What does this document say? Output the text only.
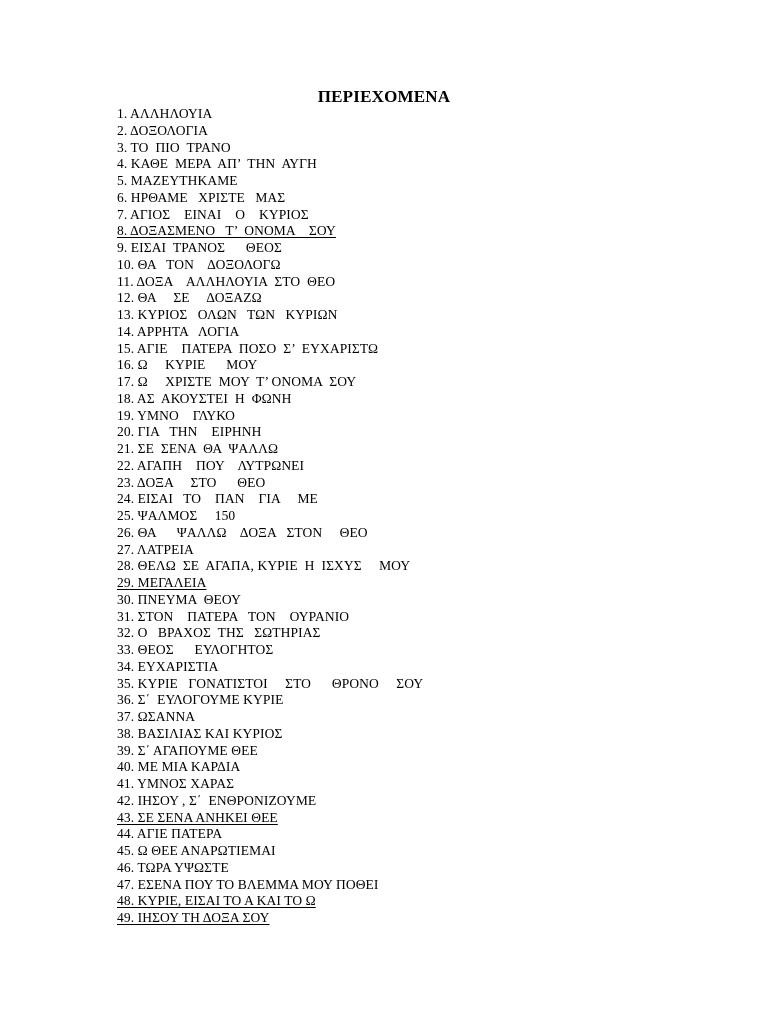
ΠΕΡΙΕΧΟΜΕΝΑ
1. ΑΛΛΗΛΟΥΙΑ
2. ΔΟΞΟΛΟΓΙΑ
3. ΤΟ  ΠΙΟ  ΤΡΑΝΟ
4. ΚΑΘΕ  ΜΕΡΑ  ΑΠ’  ΤΗΝ  ΑΥΓΗ
5. ΜΑΖΕΥΤΗΚΑΜΕ
6. ΗΡΘΑΜΕ   ΧΡΙΣΤΕ   ΜΑΣ
7. ΑΓΙΟΣ    ΕΙΝΑΙ    Ο    ΚΥΡΙΟΣ
8. ΔΟΞΑΣΜΕΝΟ   Τ’  ΟΝΟΜΑ    ΣΟΥ
9. ΕΙΣΑΙ  ΤΡΑΝΟΣ      ΘΕΟΣ
10. ΘΑ   ΤΟΝ    ΔΟΞΟΛΟΓΩ
11. ΔΟΞΑ    ΑΛΛΗΛΟΥΙΑ  ΣΤΟ  ΘΕΟ
12. ΘΑ     ΣΕ     ΔΟΞΑΖΩ
13. ΚΥΡΙΟΣ   ΟΛΩΝ   ΤΩΝ   ΚΥΡΙΩΝ
14. ΑΡΡΗΤΑ   ΛΟΓΙΑ
15. ΑΓΙΕ    ΠΑΤΕΡΑ  ΠΟΣΟ  Σ’  ΕΥΧΑΡΙΣΤΩ
16. Ω     ΚΥΡΙΕ      ΜΟΥ
17. Ω     ΧΡΙΣΤΕ  ΜΟΥ  Τ’ ΟΝΟΜΑ  ΣΟΥ
18. ΑΣ  ΑΚΟΥΣΤΕΙ  Η  ΦΩΝΗ
19. ΥΜΝΟ    ΓΛΥΚΟ
20. ΓΙΑ   ΤΗΝ    ΕΙΡΗΝΗ
21. ΣΕ  ΣΕΝΑ  ΘΑ  ΨΑΛΛΩ
22. ΑΓΑΠΗ    ΠΟΥ    ΛΥΤΡΩΝΕΙ
23. ΔΟΞΑ     ΣΤΟ      ΘΕΟ
24. ΕΙΣΑΙ   ΤΟ    ΠΑΝ    ΓΙΑ     ΜΕ
25. ΨΑΛΜΟΣ     150
26. ΘΑ      ΨΑΛΛΩ    ΔΟΞΑ   ΣΤΟΝ     ΘΕΟ
27. ΛΑΤΡΕΙΑ
28. ΘΕΛΩ  ΣΕ  ΑΓΑΠΑ, ΚΥΡΙΕ  Η  ΙΣΧΥΣ     ΜΟΥ
29. ΜΕΓΑΛΕΙΑ
30. ΠΝΕΥΜΑ  ΘΕΟΥ
31. ΣΤΟΝ    ΠΑΤΕΡΑ   ΤΟΝ    ΟΥΡΑΝΙΟ
32. Ο   ΒΡΑΧΟΣ  ΤΗΣ   ΣΩΤΗΡΙΑΣ
33. ΘΕΟΣ      ΕΥΛΟΓΗΤΟΣ
34. ΕΥΧΑΡΙΣΤΙΑ
35. ΚΥΡΙΕ   ΓΟΝΑΤΙΣΤΟΙ     ΣΤΟ      ΘΡΟΝΟ     ΣΟΥ
36. Σ΄  ΕΥΛΟΓΟΥΜΕ ΚΥΡΙΕ
37. ΩΣΑΝΝΑ
38. ΒΑΣΙΛΙΑΣ ΚΑΙ ΚΥΡΙΟΣ
39. Σ΄ ΑΓΑΠΟΥΜΕ ΘΕΕ
40. ΜΕ ΜΙΑ ΚΑΡΔΙΑ
41. ΥΜΝΟΣ ΧΑΡΑΣ
42. ΙΗΣΟΥ , Σ΄  ΕΝΘΡΟΝΙΖΟΥΜΕ
43. ΣΕ ΣΕΝΑ ΑΝΗΚΕΙ ΘΕΕ
44. ΑΓΙΕ ΠΑΤΕΡΑ
45. Ω ΘΕΕ ΑΝΑΡΩΤΙΕΜΑΙ
46. ΤΩΡΑ ΥΨΩΣΤΕ
47. ΕΣΕΝΑ ΠΟΥ ΤΟ ΒΛΕΜΜΑ ΜΟΥ ΠΟΘΕΙ
48. ΚΥΡΙΕ, ΕΙΣΑΙ ΤΟ Α ΚΑΙ ΤΟ Ω
49. ΙΗΣΟΥ ΤΗ ΔΟΞΑ ΣΟΥ
